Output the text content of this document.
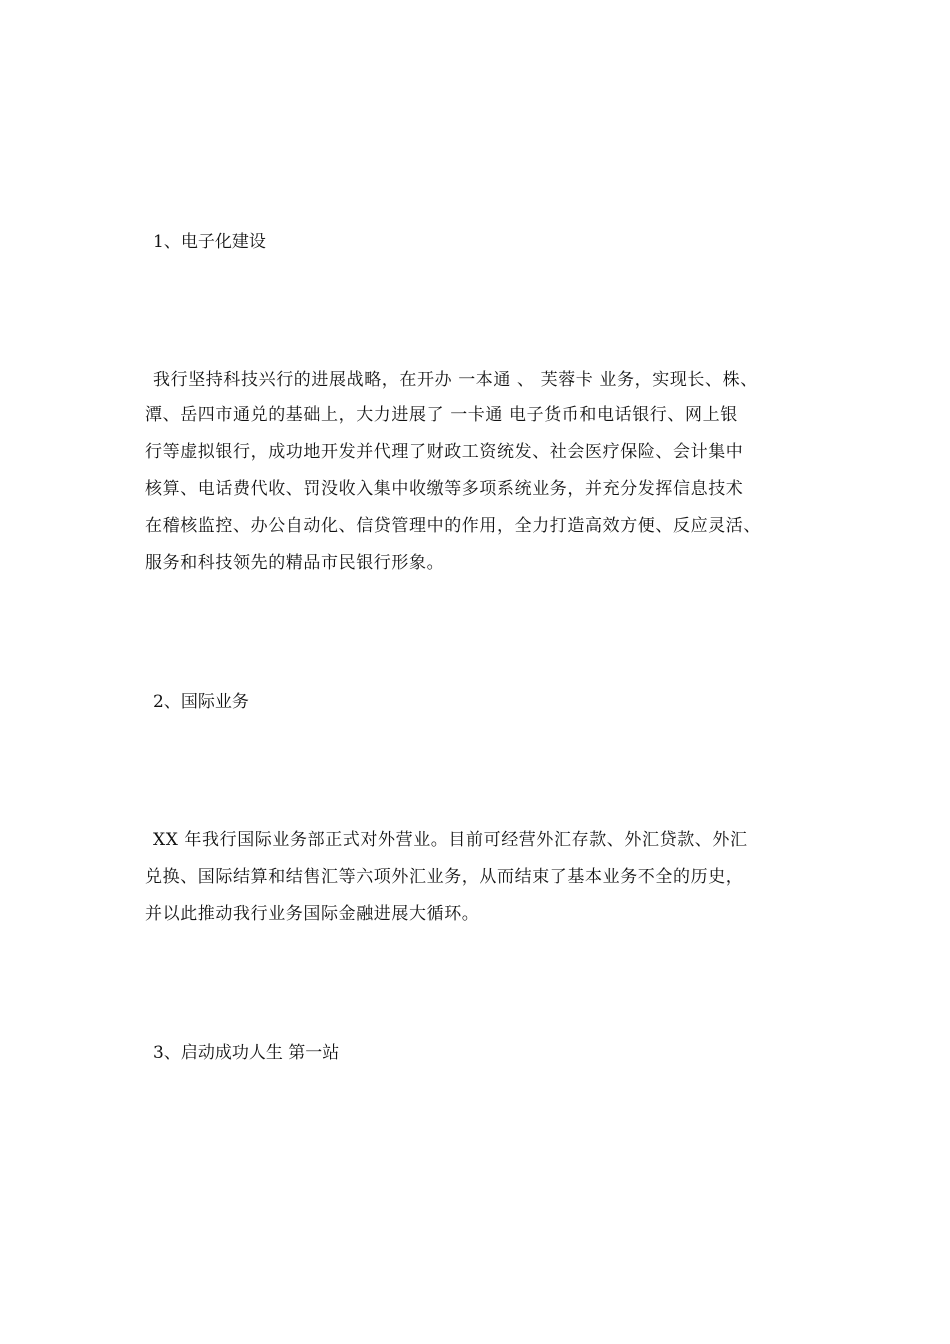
1、电子化建设
我行坚持科技兴行的进展战略，在开办 一本通 、 芙蓉卡 业务，实现长、株、
潭、岳四市通兑的基础上，大力进展了 一卡通 电子货币和电话银行、网上银
行等虚拟银行，成功地开发并代理了财政工资统发、社会医疗保险、会计集中
核算、电话费代收、罚没收入集中收缴等多项系统业务，并充分发挥信息技术
在稽核监控、办公自动化、信贷管理中的作用，全力打造高效方便、反应灵活、
服务和科技领先的精品市民银行形象。
2、国际业务
XX 年我行国际业务部正式对外营业。目前可经营外汇存款、外汇贷款、外汇
兑换、国际结算和结售汇等六项外汇业务，从而结束了基本业务不全的历史，
并以此推动我行业务国际金融进展大循环。
3、启动成功人生 第一站
